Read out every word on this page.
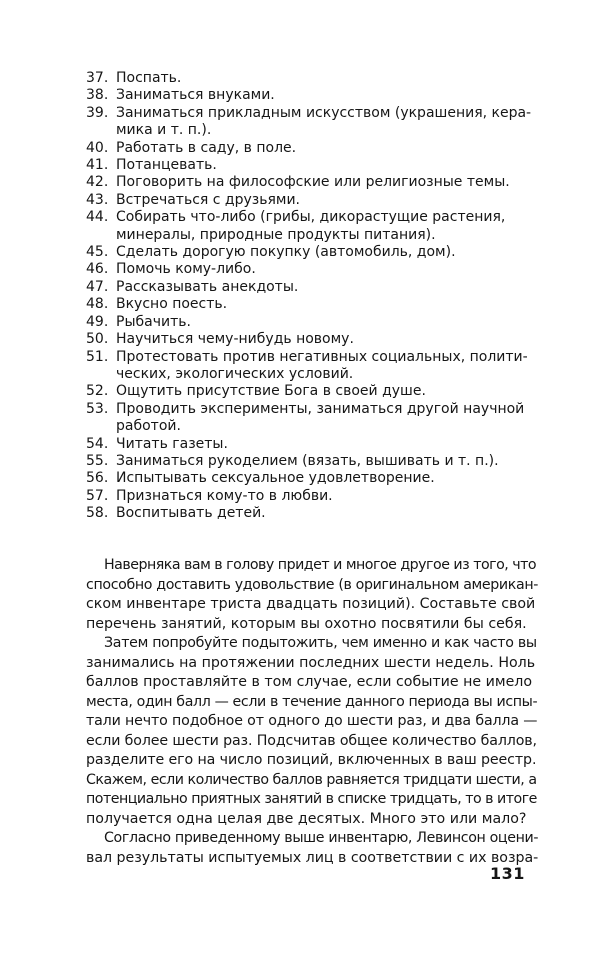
37. Поспать.
38. Заниматься внуками.
39. Заниматься прикладным искусством (украшения, кера-
мика и т. п.).
40. Работать в саду, в поле.
41. Потанцевать.
42. Поговорить на философские или религиозные темы.
43. Встречаться с друзьями.
44. Собирать что-либо (грибы, дикорастущие растения,
минералы, природные продукты питания).
45. Сделать дорогую покупку (автомобиль, дом).
46. Помочь кому-либо.
47. Рассказывать анекдоты.
48. Вкусно поесть.
49. Рыбачить.
50. Научиться чему-нибудь новому.
51. Протестовать против негативных социальных, полити-
ческих, экологических условий.
52. Ощутить присутствие Бога в своей душе.
53. Проводить эксперименты, заниматься другой научной
работой.
54. Читать газеты.
55. Заниматься рукоделием (вязать, вышивать и т. п.).
56. Испытывать сексуальное удовлетворение.
57. Признаться кому-то в любви.
58. Воспитывать детей.
Наверняка вам в голову придет и многое другое из того, что
способно доставить удовольствие (в оригинальном американ-
ском инвентаре триста двадцать позиций). Составьте свой
перечень занятий, которым вы охотно посвятили бы себя.
Затем попробуйте подытожить, чем именно и как часто вы
занимались на протяжении последних шести недель. Ноль
баллов проставляйте в том случае, если событие не имело
места, один балл — если в течение данного периода вы испы-
тали нечто подобное от одного до шести раз, и два балла —
если более шести раз. Подсчитав общее количество баллов,
разделите его на число позиций, включенных в ваш реестр.
Скажем, если количество баллов равняется тридцати шести, а
потенциально приятных занятий в списке тридцать, то в итоге
получается одна целая две десятых. Много это или мало?
Согласно приведенному выше инвентарю, Левинсон оцени-
вал результаты испытуемых лиц в соответствии с их возра-
131
